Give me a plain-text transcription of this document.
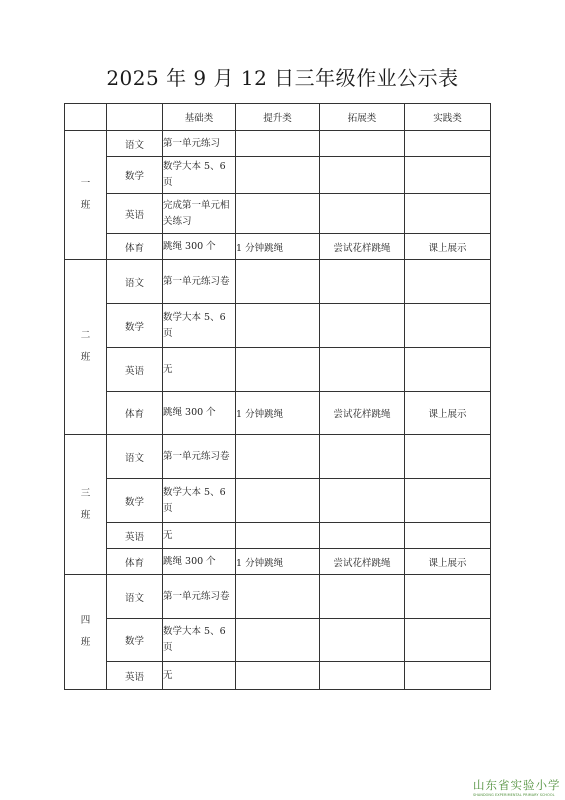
2025 年 9 月 12 日三年级作业公示表
		基础类	提升类	拓展类	实践类

一
班	语文	第一单元练习			
	数学	数学大本 5、6 页			
	英语	完成第一单元相关练习			
	体育	跳绳 300 个	1 分钟跳绳	尝试花样跳绳	课上展示

二
班	语文	第一单元练习卷			
	数学	数学大本 5、6 页			
	英语	无			
	体育	跳绳 300 个	1 分钟跳绳	尝试花样跳绳	课上展示

三
班	语文	第一单元练习卷			
	数学	数学大本 5、6 页			
	英语	无			
	体育	跳绳 300 个	1 分钟跳绳	尝试花样跳绳	课上展示

四
班	语文	第一单元练习卷			
	数学	数学大本 5、6 页			
	英语	无			
山东省实验小学
SHANDONG EXPERIMENTAL PRIMARY SCHOOL
